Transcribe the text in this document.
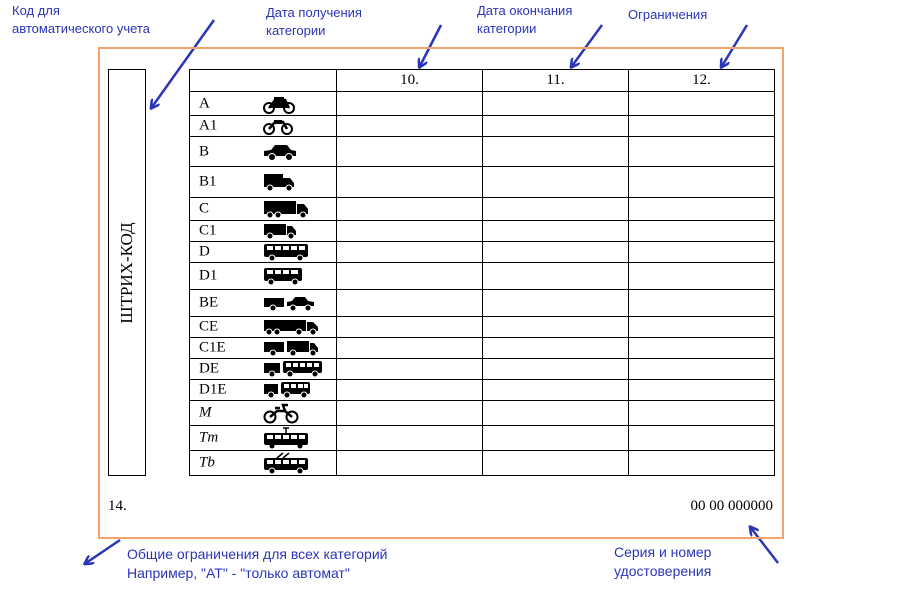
Код для
автоматического учета
Дата получения
категории
Дата окончания
категории
Ограничения
Общие ограничения для всех категорий
Например, "АТ" - "только автомат"
Серия и номер
удостоверения
ШТРИХ-КОД
	10.	11.	12.

A			

A1			

B			

B1			

C			

C1			

D			

D1			

BE			

CE			

C1E			

DE			

D1E			

M			

Tm			

Tb			

14.	00 00 000000
